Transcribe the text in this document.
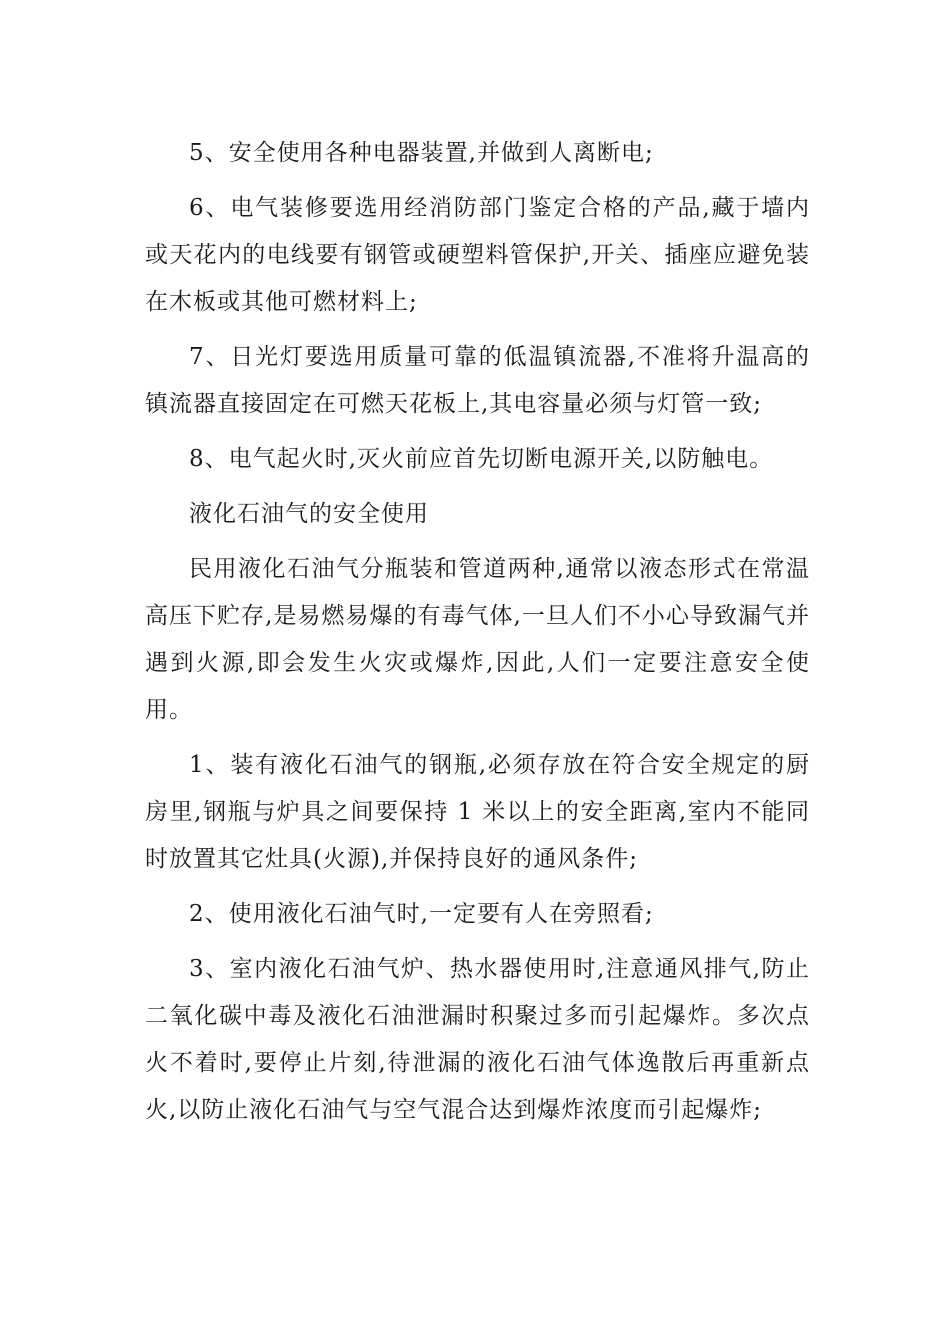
5、安全使用各种电器装置,并做到人离断电;

6、电气装修要选用经消防部门鉴定合格的产品,藏于墙内或天花内的电线要有钢管或硬塑料管保护,开关、插座应避免装在木板或其他可燃材料上;

7、日光灯要选用质量可靠的低温镇流器,不准将升温高的镇流器直接固定在可燃天花板上,其电容量必须与灯管一致;

8、电气起火时,灭火前应首先切断电源开关,以防触电。

液化石油气的安全使用

民用液化石油气分瓶装和管道两种,通常以液态形式在常温高压下贮存,是易燃易爆的有毒气体,一旦人们不小心导致漏气并遇到火源,即会发生火灾或爆炸,因此,人们一定要注意安全使用。

1、装有液化石油气的钢瓶,必须存放在符合安全规定的厨房里,钢瓶与炉具之间要保持 1 米以上的安全距离,室内不能同时放置其它灶具(火源),并保持良好的通风条件;

2、使用液化石油气时,一定要有人在旁照看;

3、室内液化石油气炉、热水器使用时,注意通风排气,防止二氧化碳中毒及液化石油泄漏时积聚过多而引起爆炸。多次点火不着时,要停止片刻,待泄漏的液化石油气体逸散后再重新点火,以防止液化石油气与空气混合达到爆炸浓度而引起爆炸;
